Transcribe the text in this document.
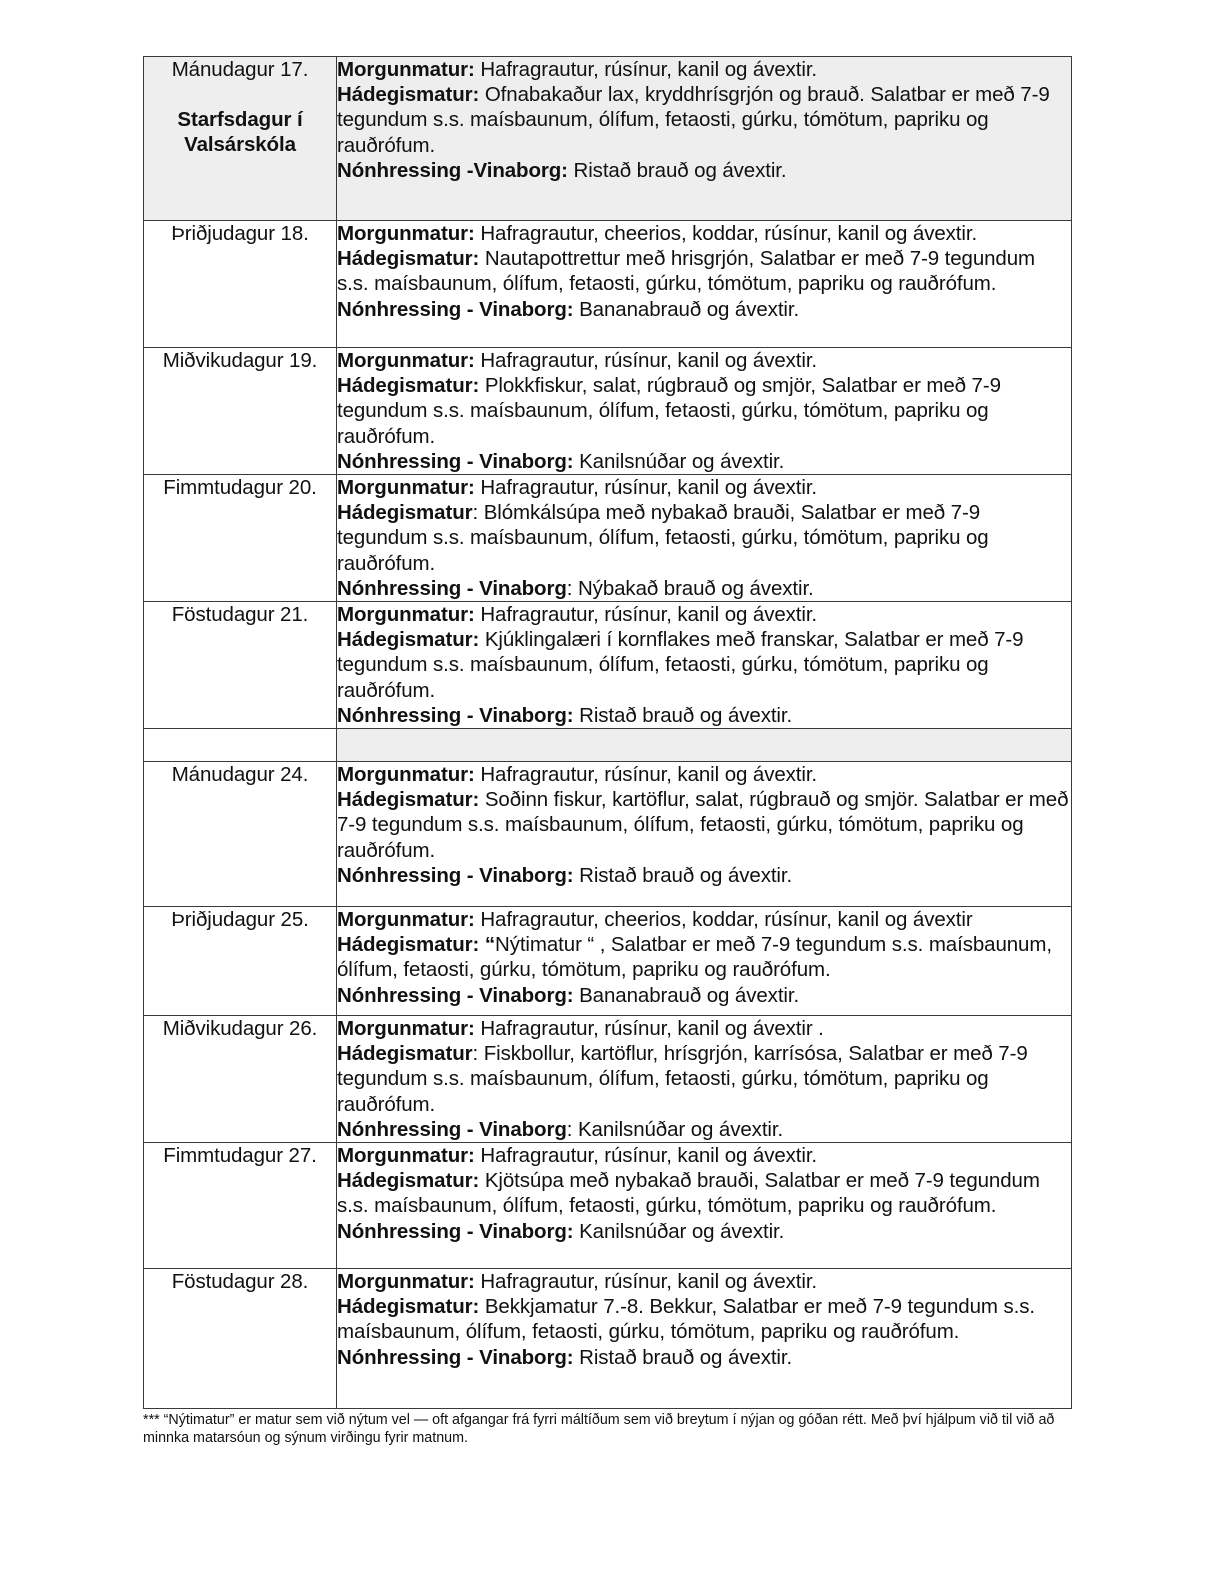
Mánudagur 17.
Starfsdagur í Valsárskóla	Morgunmatur: Hafragrautur, rúsínur, kanil og ávextir.
Hádegismatur: Ofnabakaður lax, kryddhrísgrjón og brauð. Salatbar er með 7-9 tegundum s.s. maísbaunum, ólífum, fetaosti, gúrku, tómötum, papriku og rauðrófum.
Nónhressing -Vinaborg: Ristað brauð og ávextir.

Þriðjudagur 18.	Morgunmatur: Hafragrautur, cheerios, koddar, rúsínur, kanil og ávextir.
Hádegismatur: Nautapottrettur með hrisgrjón, Salatbar er með 7-9 tegundum s.s. maísbaunum, ólífum, fetaosti, gúrku, tómötum, papriku og rauðrófum.
Nónhressing - Vinaborg: Bananabrauð og ávextir.

Miðvikudagur 19.	Morgunmatur: Hafragrautur, rúsínur, kanil og ávextir.
Hádegismatur: Plokkfiskur, salat, rúgbrauð og smjör, Salatbar er með 7-9 tegundum s.s. maísbaunum, ólífum, fetaosti, gúrku, tómötum, papriku og rauðrófum.
Nónhressing - Vinaborg: Kanilsnúðar og ávextir.

Fimmtudagur 20.	Morgunmatur: Hafragrautur, rúsínur, kanil og ávextir.
Hádegismatur: Blómkálsúpa með nybakað brauði, Salatbar er með 7-9 tegundum s.s. maísbaunum, ólífum, fetaosti, gúrku, tómötum, papriku og rauðrófum.
Nónhressing - Vinaborg: Nýbakað brauð og ávextir.

Föstudagur 21.	Morgunmatur: Hafragrautur, rúsínur, kanil og ávextir.
Hádegismatur: Kjúklingalæri í kornflakes með franskar, Salatbar er með 7-9 tegundum s.s. maísbaunum, ólífum, fetaosti, gúrku, tómötum, papriku og rauðrófum.
Nónhressing - Vinaborg: Ristað brauð og ávextir.

Mánudagur 24.	Morgunmatur: Hafragrautur, rúsínur, kanil og ávextir.
Hádegismatur: Soðinn fiskur, kartöflur, salat, rúgbrauð og smjör. Salatbar er með 7-9 tegundum s.s. maísbaunum, ólífum, fetaosti, gúrku, tómötum, papriku og rauðrófum.
Nónhressing - Vinaborg: Ristað brauð og ávextir.

Þriðjudagur 25.	Morgunmatur: Hafragrautur, cheerios, koddar, rúsínur, kanil og ávextir
Hádegismatur: “Nýtimatur “ , Salatbar er með 7-9 tegundum s.s. maísbaunum, ólífum, fetaosti, gúrku, tómötum, papriku og rauðrófum.
Nónhressing - Vinaborg: Bananabrauð og ávextir.

Miðvikudagur 26.	Morgunmatur: Hafragrautur, rúsínur, kanil og ávextir .
Hádegismatur: Fiskbollur, kartöflur, hrísgrjón, karrísósa, Salatbar er með 7-9 tegundum s.s. maísbaunum, ólífum, fetaosti, gúrku, tómötum, papriku og rauðrófum.
Nónhressing - Vinaborg: Kanilsnúðar og ávextir.

Fimmtudagur 27.	Morgunmatur: Hafragrautur, rúsínur, kanil og ávextir.
Hádegismatur: Kjötsúpa með nybakað brauði, Salatbar er með 7-9 tegundum s.s. maísbaunum, ólífum, fetaosti, gúrku, tómötum, papriku og rauðrófum.
Nónhressing - Vinaborg: Kanilsnúðar og ávextir.

Föstudagur 28.	Morgunmatur: Hafragrautur, rúsínur, kanil og ávextir.
Hádegismatur: Bekkjamatur 7.-8. Bekkur, Salatbar er með 7-9 tegundum s.s. maísbaunum, ólífum, fetaosti, gúrku, tómötum, papriku og rauðrófum.
Nónhressing - Vinaborg: Ristað brauð og ávextir.
*** “Nýtimatur” er matur sem við nýtum vel — oft afgangar frá fyrri máltíðum sem við breytum í nýjan og góðan rétt. Með því hjálpum við til við að minnka matarsóun og sýnum virðingu fyrir matnum.
